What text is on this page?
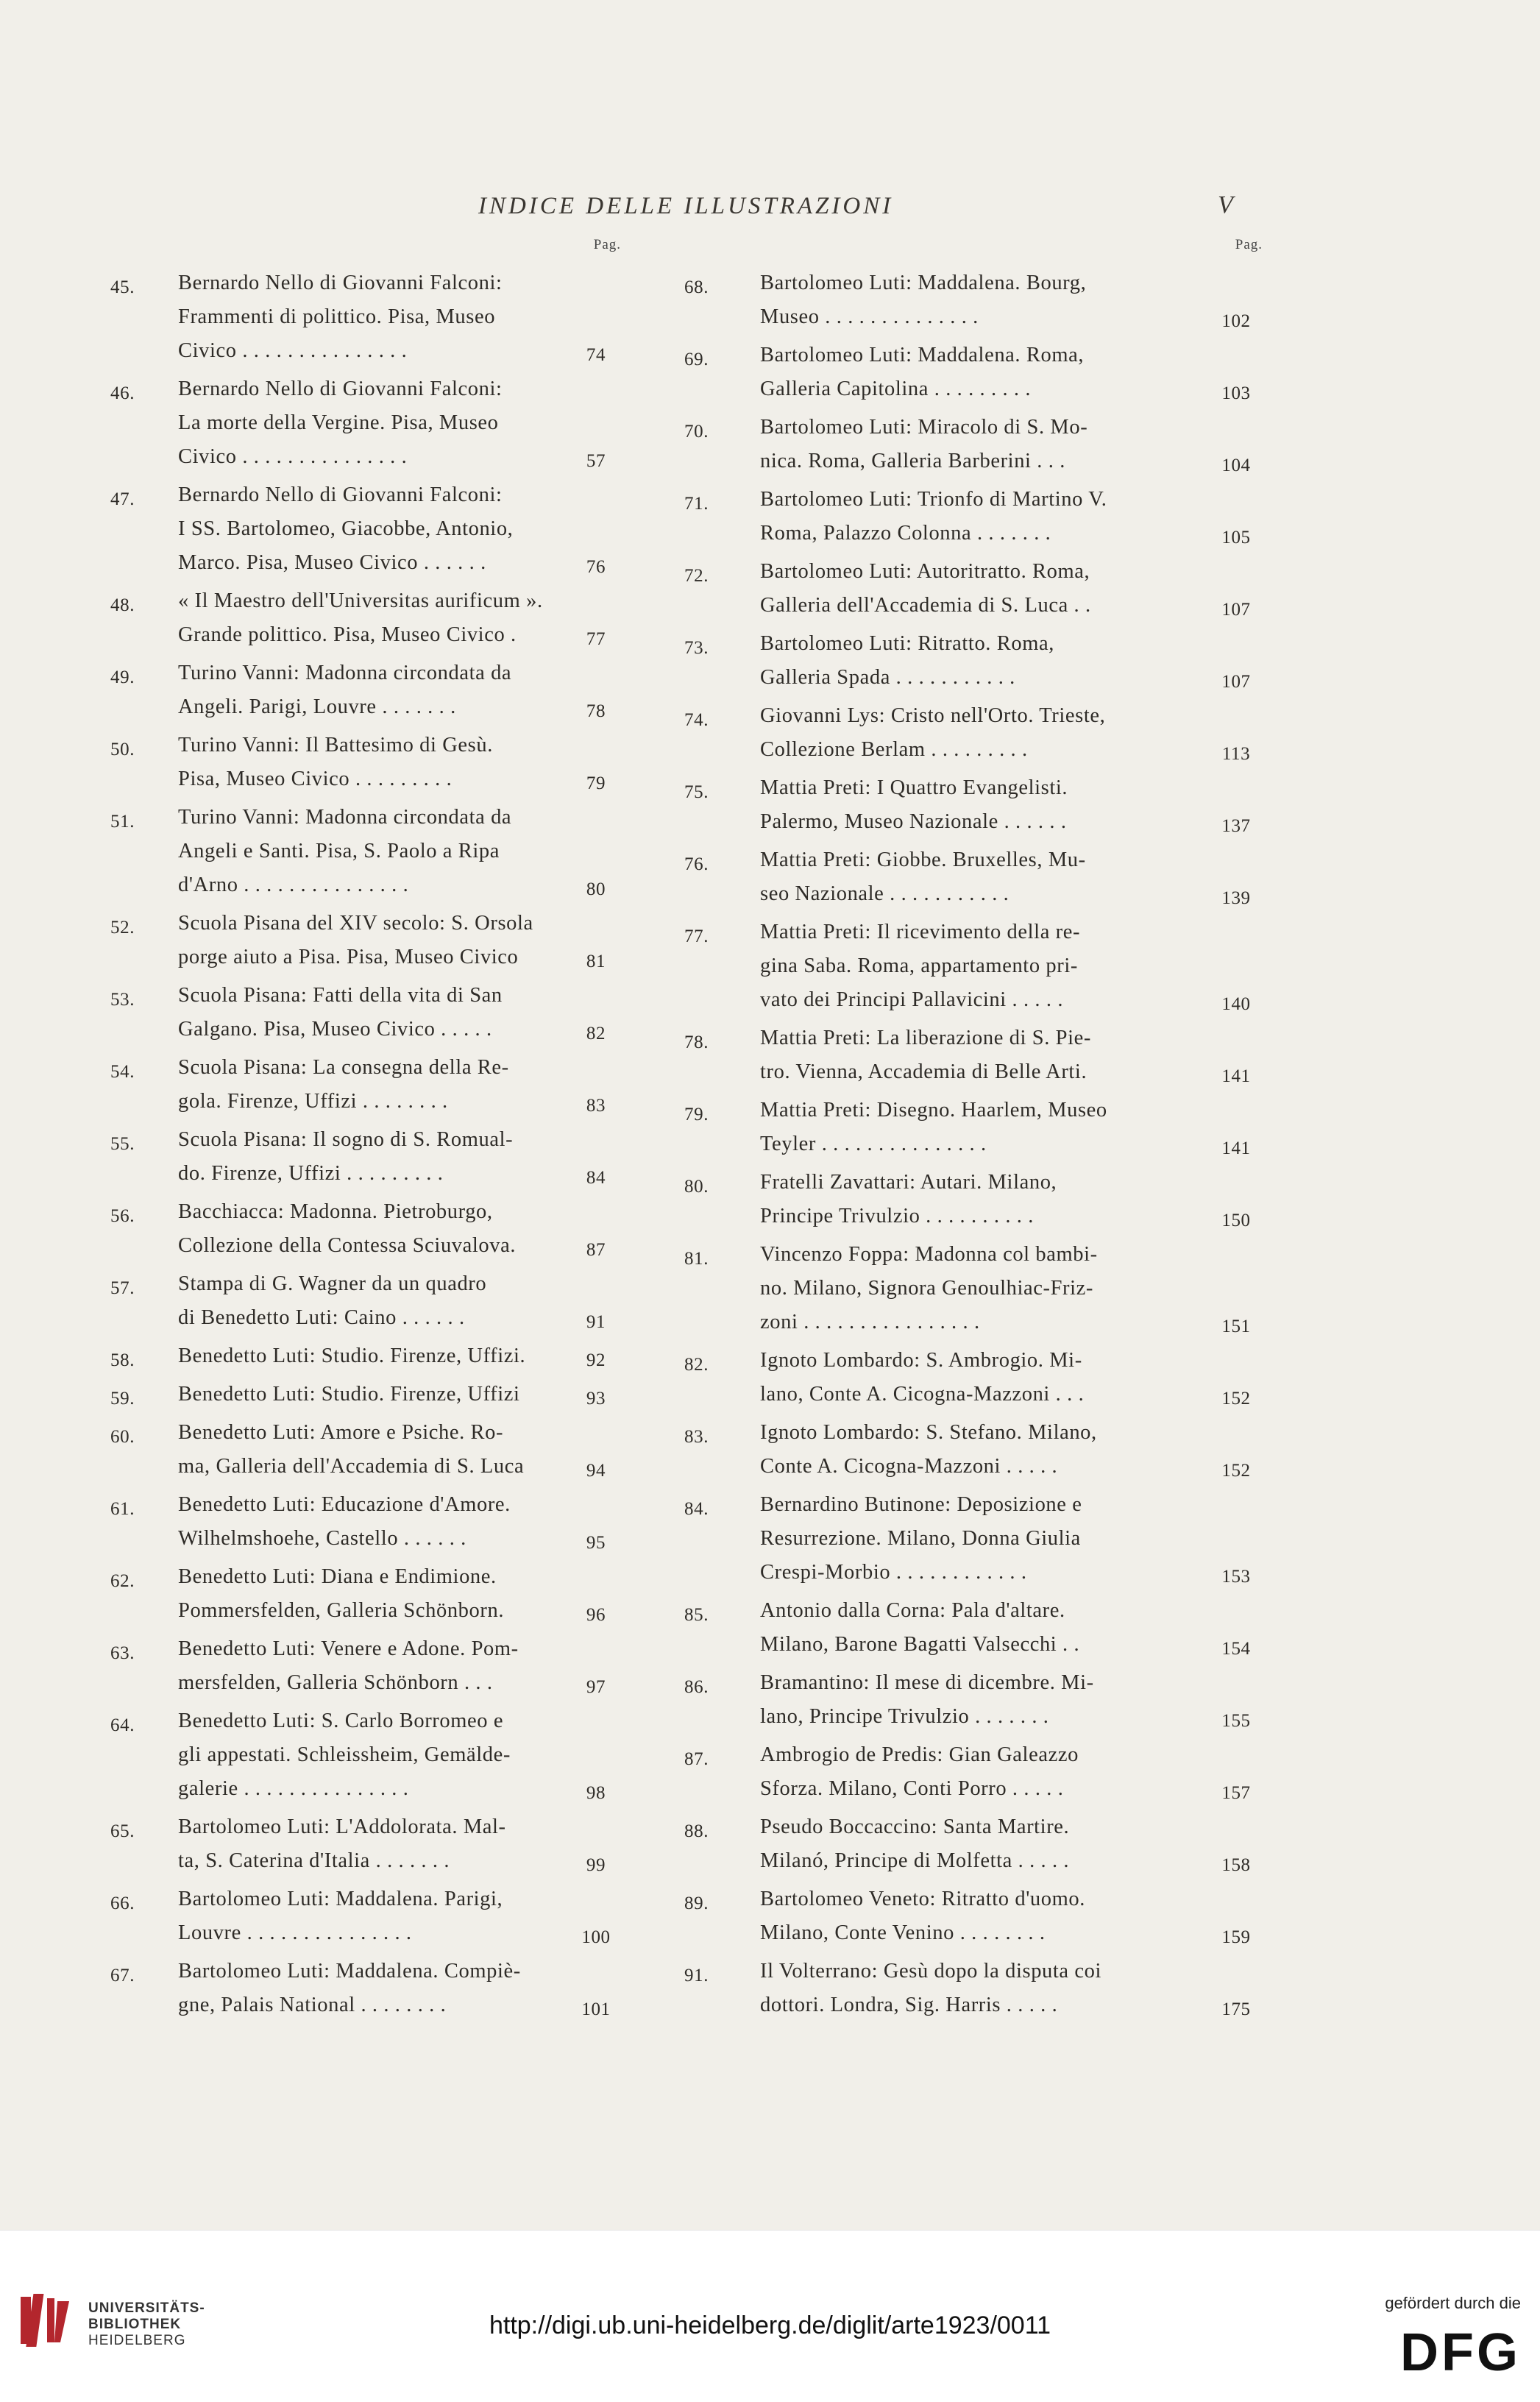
INDICE DELLE ILLUSTRAZIONI	V
Pag.
45. Bernardo Nello di Giovanni Falconi:
Frammenti di polittico. Pisa, Museo
Civico . . . . . . . . . . . . . . .	74
46. Bernardo Nello di Giovanni Falconi:
La morte della Vergine. Pisa, Museo
Civico . . . . . . . . . . . . . . .	57
47. Bernardo Nello di Giovanni Falconi:
I SS. Bartolomeo, Giacobbe, Antonio,
Marco. Pisa, Museo Civico . . . . . .	76
48. « Il Maestro dell'Universitas aurificum ».
Grande polittico. Pisa, Museo Civico .	77
49. Turino Vanni: Madonna circondata da
Angeli. Parigi, Louvre . . . . . . .	78
50. Turino Vanni: Il Battesimo di Gesù.
Pisa, Museo Civico . . . . . . . . .	79
51. Turino Vanni: Madonna circondata da
Angeli e Santi. Pisa, S. Paolo a Ripa
d'Arno . . . . . . . . . . . . . . .	80
52. Scuola Pisana del XIV secolo: S. Orsola
porge aiuto a Pisa. Pisa, Museo Civico	81
53. Scuola Pisana: Fatti della vita di San
Galgano. Pisa, Museo Civico . . . . .	82
54. Scuola Pisana: La consegna della Re-
gola. Firenze, Uffizi . . . . . . . .	83
55. Scuola Pisana: Il sogno di S. Romual-
do. Firenze, Uffizi . . . . . . . . .	84
56. Bacchiacca: Madonna. Pietroburgo,
Collezione della Contessa Sciuvalova.	87
57. Stampa di G. Wagner da un quadro
di Benedetto Luti: Caino . . . . . .	91
58. Benedetto Luti: Studio. Firenze, Uffizi.	92
59. Benedetto Luti: Studio. Firenze, Uffizi	93
60. Benedetto Luti: Amore e Psiche. Ro-
ma, Galleria dell'Accademia di S. Luca	94
61. Benedetto Luti: Educazione d'Amore.
Wilhelmshoehe, Castello . . . . . .	95
62. Benedetto Luti: Diana e Endimione.
Pommersfelden, Galleria Schönborn.	96
63. Benedetto Luti: Venere e Adone. Pom-
mersfelden, Galleria Schönborn . . .	97
64. Benedetto Luti: S. Carlo Borromeo e
gli appestati. Schleissheim, Gemälde-
galerie . . . . . . . . . . . . . . .	98
65. Bartolomeo Luti: L'Addolorata. Mal-
ta, S. Caterina d'Italia . . . . . . .	99
66. Bartolomeo Luti: Maddalena. Parigi,
Louvre . . . . . . . . . . . . . . .	100
67. Bartolomeo Luti: Maddalena. Compiè-
gne, Palais National . . . . . . . .	101
Pag.
68. Bartolomeo Luti: Maddalena. Bourg,
Museo . . . . . . . . . . . . . .	102
69. Bartolomeo Luti: Maddalena. Roma,
Galleria Capitolina . . . . . . . . .	103
70. Bartolomeo Luti: Miracolo di S. Mo-
nica. Roma, Galleria Barberini . . .	104
71. Bartolomeo Luti: Trionfo di Martino V.
Roma, Palazzo Colonna . . . . . . .	105
72. Bartolomeo Luti: Autoritratto. Roma,
Galleria dell'Accademia di S. Luca . .	107
73. Bartolomeo Luti: Ritratto. Roma,
Galleria Spada . . . . . . . . . . .	107
74. Giovanni Lys: Cristo nell'Orto. Trieste,
Collezione Berlam . . . . . . . . .	113
75. Mattia Preti: I Quattro Evangelisti.
Palermo, Museo Nazionale . . . . . .	137
76. Mattia Preti: Giobbe. Bruxelles, Mu-
seo Nazionale . . . . . . . . . . .	139
77. Mattia Preti: Il ricevimento della re-
gina Saba. Roma, appartamento pri-
vato dei Principi Pallavicini . . . . .	140
78. Mattia Preti: La liberazione di S. Pie-
tro. Vienna, Accademia di Belle Arti.	141
79. Mattia Preti: Disegno. Haarlem, Museo
Teyler . . . . . . . . . . . . . . .	141
80. Fratelli Zavattari: Autari. Milano,
Principe Trivulzio . . . . . . . . . .	150
81. Vincenzo Foppa: Madonna col bambi-
no. Milano, Signora Genoulhiac-Friz-
zoni . . . . . . . . . . . . . . . .	151
82. Ignoto Lombardo: S. Ambrogio. Mi-
lano, Conte A. Cicogna-Mazzoni . . .	152
83. Ignoto Lombardo: S. Stefano. Milano,
Conte A. Cicogna-Mazzoni . . . . .	152
84. Bernardino Butinone: Deposizione e
Resurrezione. Milano, Donna Giulia
Crespi-Morbio . . . . . . . . . . . .	153
85. Antonio dalla Corna: Pala d'altare.
Milano, Barone Bagatti Valsecchi . .	154
86. Bramantino: Il mese di dicembre. Mi-
lano, Principe Trivulzio . . . . . . .	155
87. Ambrogio de Predis: Gian Galeazzo
Sforza. Milano, Conti Porro . . . . .	157
88. Pseudo Boccaccino: Santa Martire.
Milanó, Principe di Molfetta . . . . .	158
89. Bartolomeo Veneto: Ritratto d'uomo.
Milano, Conte Venino . . . . . . . .	159
91. Il Volterrano: Gesù dopo la disputa coi
dottori. Londra, Sig. Harris . . . . .	175
UNIVERSITÄTS-
BIBLIOTHEK
HEIDELBERG
http://digi.ub.uni-heidelberg.de/diglit/arte1923/0011
gefördert durch die
DFG
